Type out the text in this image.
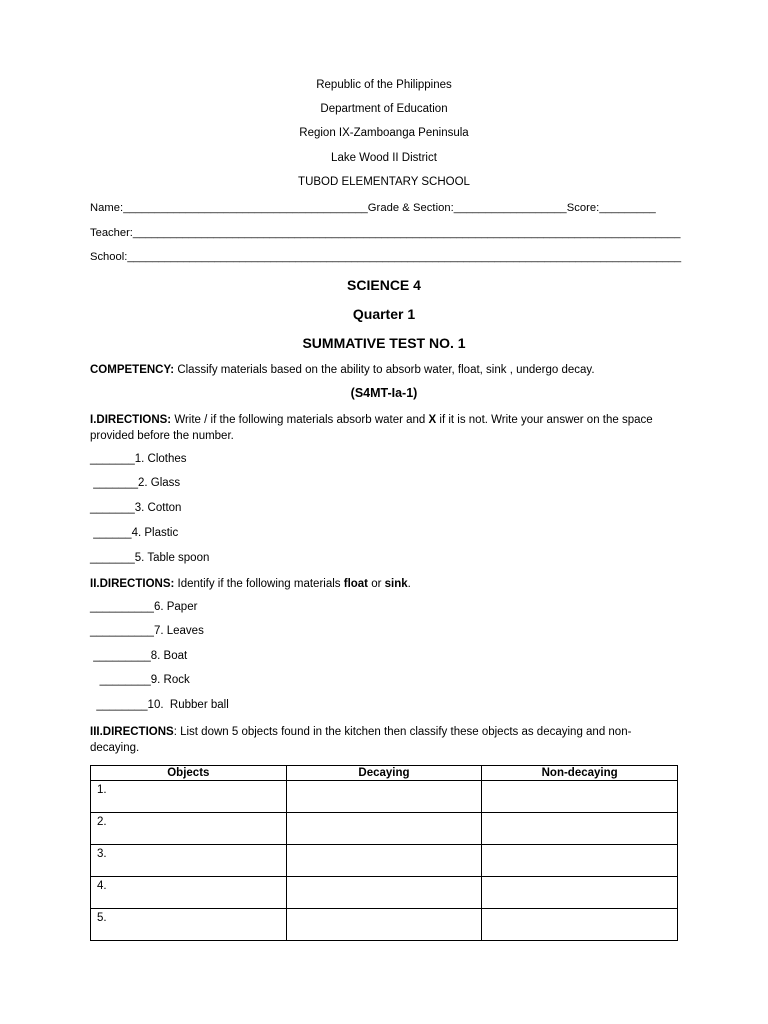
Republic of the Philippines
Department of Education
Region IX-Zamboanga Peninsula
Lake Wood II District
TUBOD ELEMENTARY SCHOOL
Name:_______________________________________Grade & Section:__________________Score:_________
Teacher:________________________________________________________________________________________
School:_________________________________________________________________________________________
SCIENCE 4
Quarter 1
SUMMATIVE TEST NO. 1
COMPETENCY: Classify materials based on the ability to absorb water, float, sink , undergo decay.
(S4MT-Ia-1)
I.DIRECTIONS: Write / if the following materials absorb water and X if it is not. Write your answer on the space provided before the number.
_______1. Clothes
_______2. Glass
_______3. Cotton
______4. Plastic
_______5. Table spoon
II.DIRECTIONS: Identify if the following materials float or sink.
__________6. Paper
__________7. Leaves
_________8. Boat
________9. Rock
________10.  Rubber ball
III.DIRECTIONS: List down 5 objects found in the kitchen then classify these objects as decaying and non-decaying.
Objects	Decaying	Non-decaying
1.		
2.		
3.		
4.		
5.		
